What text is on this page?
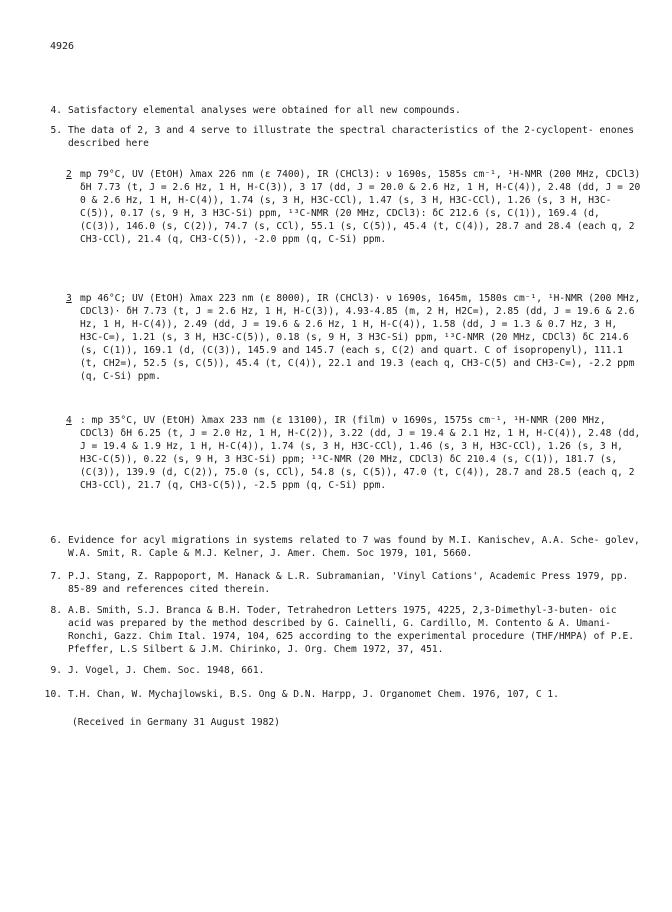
4926
4. Satisfactory elemental analyses were obtained for all new compounds.

5. The data of 2, 3 and 4 serve to illustrate the spectral characteristics of the 2-cyclopent- enones described here

2 mp 79°C, UV (EtOH) λmax 226 nm (ε 7400), IR (CHCl3): ν 1690s, 1585s cm⁻¹, ¹H-NMR (200 MHz, CDCl3) δH 7.73 (t, J = 2.6 Hz, 1 H, H-C(3)), 3 17 (dd, J = 20.0 & 2.6 Hz, 1 H, H-C(4)), 2.48 (dd, J = 20 0 & 2.6 Hz, 1 H, H-C(4)), 1.74 (s, 3 H, H3C-CCl), 1.47 (s, 3 H, H3C-CCl), 1.26 (s, 3 H, H3C-C(5)), 0.17 (s, 9 H, 3 H3C-Si) ppm, ¹³C-NMR (20 MHz, CDCl3): δC 212.6 (s, C(1)), 169.4 (d, (C(3)), 146.0 (s, C(2)), 74.7 (s, CCl), 55.1 (s, C(5)), 45.4 (t, C(4)), 28.7 and 28.4 (each q, 2 CH3-CCl), 21.4 (q, CH3-C(5)), -2.0 ppm (q, C-Si) ppm.

3 mp 46°C; UV (EtOH) λmax 223 nm (ε 8000), IR (CHCl3)· ν 1690s, 1645m, 1580s cm⁻¹, ¹H-NMR (200 MHz, CDCl3)· δH 7.73 (t, J = 2.6 Hz, 1 H, H-C(3)), 4.93-4.85 (m, 2 H, H2C=), 2.85 (dd, J = 19.6 & 2.6 Hz, 1 H, H-C(4)), 2.49 (dd, J = 19.6 & 2.6 Hz, 1 H, H-C(4)), 1.58 (dd, J = 1.3 & 0.7 Hz, 3 H, H3C-C=), 1.21 (s, 3 H, H3C-C(5)), 0.18 (s, 9 H, 3 H3C-Si) ppm, ¹³C-NMR (20 MHz, CDCl3) δC 214.6 (s, C(1)), 169.1 (d, (C(3)), 145.9 and 145.7 (each s, C(2) and quart. C of isopropenyl), 111.1 (t, CH2=), 52.5 (s, C(5)), 45.4 (t, C(4)), 22.1 and 19.3 (each q, CH3-C(5) and CH3-C=), -2.2 ppm (q, C-Si) ppm.

4 : mp 35°C, UV (EtOH) λmax 233 nm (ε 13100), IR (film) ν 1690s, 1575s cm⁻¹, ¹H-NMR (200 MHz, CDCl3) δH 6.25 (t, J = 2.0 Hz, 1 H, H-C(2)), 3.22 (dd, J = 19.4 & 2.1 Hz, 1 H, H-C(4)), 2.48 (dd, J = 19.4 & 1.9 Hz, 1 H, H-C(4)), 1.74 (s, 3 H, H3C-CCl), 1.46 (s, 3 H, H3C-CCl), 1.26 (s, 3 H, H3C-C(5)), 0.22 (s, 9 H, 3 H3C-Si) ppm; ¹³C-NMR (20 MHz, CDCl3) δC 210.4 (s, C(1)), 181.7 (s, (C(3)), 139.9 (d, C(2)), 75.0 (s, CCl), 54.8 (s, C(5)), 47.0 (t, C(4)), 28.7 and 28.5 (each q, 2 CH3-CCl), 21.7 (q, CH3-C(5)), -2.5 ppm (q, C-Si) ppm.

6. Evidence for acyl migrations in systems related to 7 was found by M.I. Kanischev, A.A. Sche- golev, W.A. Smit, R. Caple & M.J. Kelner, J. Amer. Chem. Soc 1979, 101, 5660.

7. P.J. Stang, Z. Rappoport, M. Hanack & L.R. Subramanian, 'Vinyl Cations', Academic Press 1979, pp. 85-89 and references cited therein.

8. A.B. Smith, S.J. Branca & B.H. Toder, Tetrahedron Letters 1975, 4225, 2,3-Dimethyl-3-buten- oic acid was prepared by the method described by G. Cainelli, G. Cardillo, M. Contento & A. Umani-Ronchi, Gazz. Chim Ital. 1974, 104, 625 according to the experimental procedure (THF/HMPA) of P.E. Pfeffer, L.S Silbert & J.M. Chirinko, J. Org. Chem 1972, 37, 451.

9. J. Vogel, J. Chem. Soc. 1948, 661.

10. T.H. Chan, W. Mychajlowski, B.S. Ong & D.N. Harpp, J. Organomet Chem. 1976, 107, C 1.

(Received in Germany 31 August 1982)
